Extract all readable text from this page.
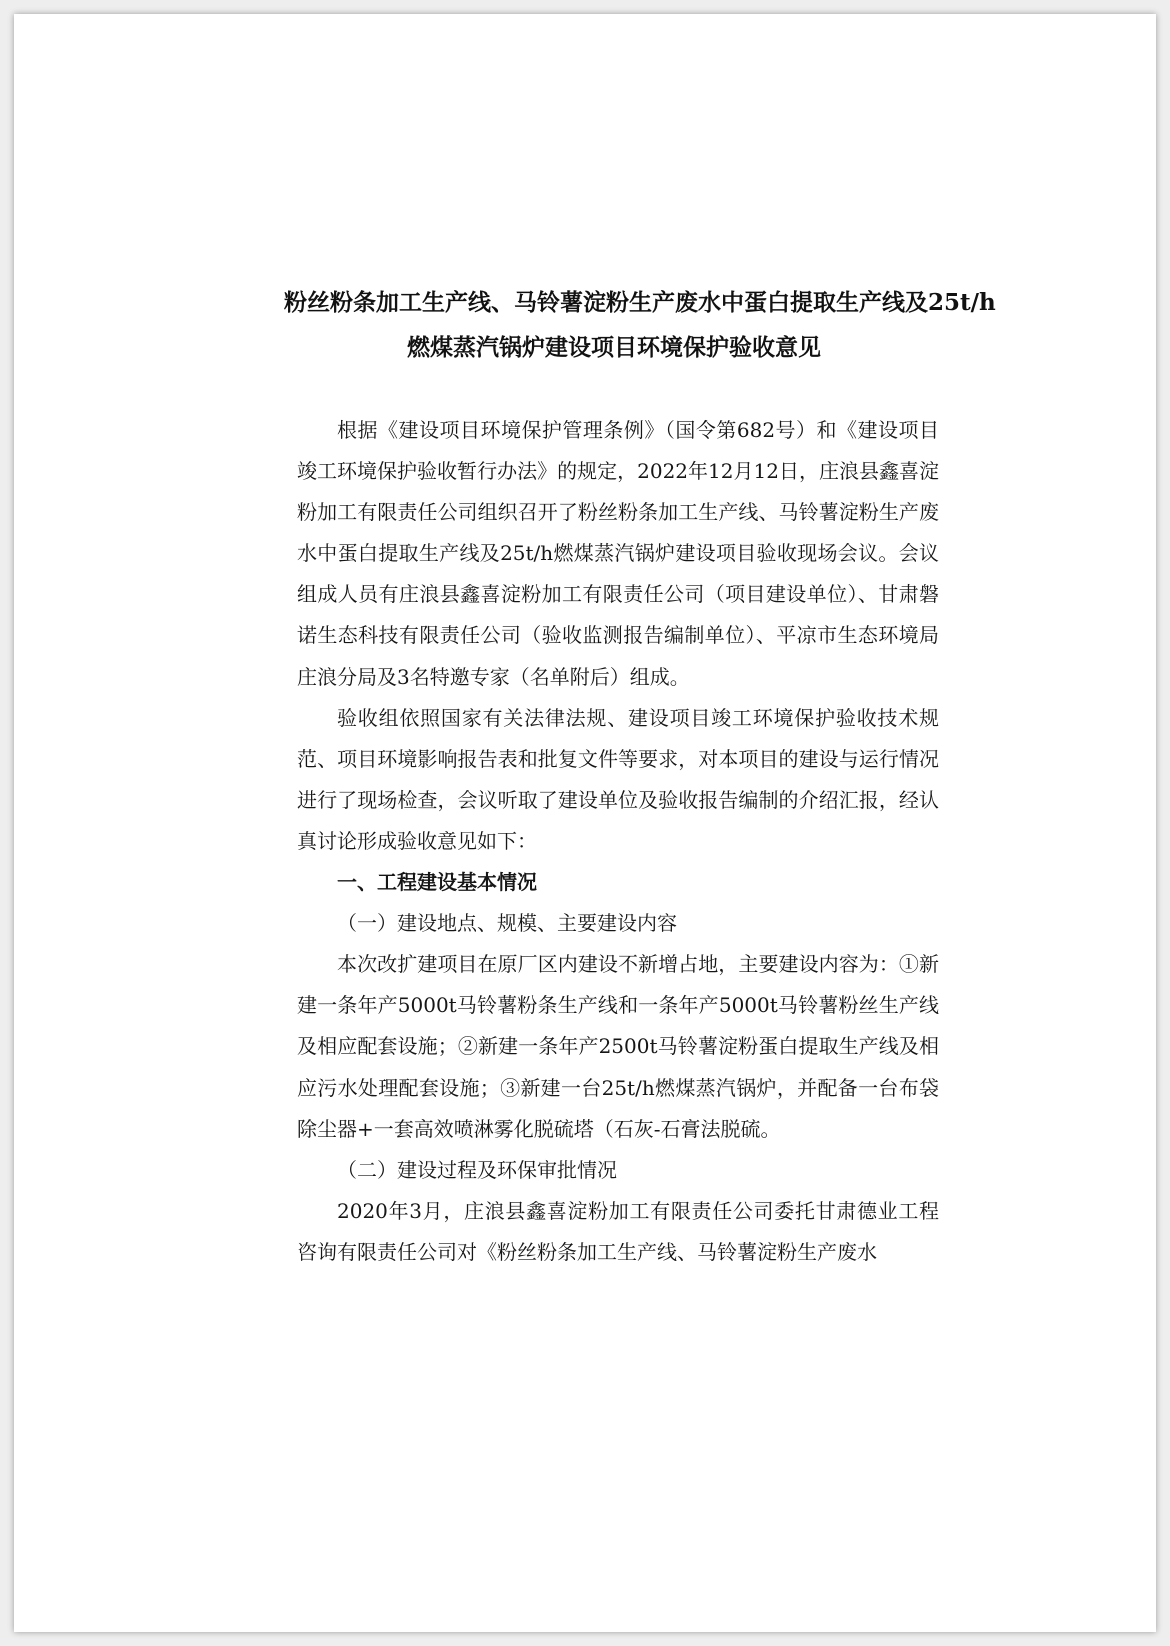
粉丝粉条加工生产线、马铃薯淀粉生产废水中蛋白提取生产线及25t/h
燃煤蒸汽锅炉建设项目环境保护验收意见

根据《建设项目环境保护管理条例》（国令第682号）和《建设项目竣工环境保护验收暂行办法》的规定，2022年12月12日，庄浪县鑫喜淀粉加工有限责任公司组织召开了粉丝粉条加工生产线、马铃薯淀粉生产废水中蛋白提取生产线及25t/h燃煤蒸汽锅炉建设项目验收现场会议。会议组成人员有庄浪县鑫喜淀粉加工有限责任公司（项目建设单位）、甘肃磐诺生态科技有限责任公司（验收监测报告编制单位）、平凉市生态环境局庄浪分局及3名特邀专家（名单附后）组成。

验收组依照国家有关法律法规、建设项目竣工环境保护验收技术规范、项目环境影响报告表和批复文件等要求，对本项目的建设与运行情况进行了现场检查，会议听取了建设单位及验收报告编制的介绍汇报，经认真讨论形成验收意见如下：

一、工程建设基本情况

（一）建设地点、规模、主要建设内容

本次改扩建项目在原厂区内建设不新增占地，主要建设内容为：①新建一条年产5000t马铃薯粉条生产线和一条年产5000t马铃薯粉丝生产线及相应配套设施；②新建一条年产2500t马铃薯淀粉蛋白提取生产线及相应污水处理配套设施；③新建一台25t/h燃煤蒸汽锅炉，并配备一台布袋除尘器+一套高效喷淋雾化脱硫塔（石灰-石膏法脱硫。

（二）建设过程及环保审批情况

2020年3月，庄浪县鑫喜淀粉加工有限责任公司委托甘肃德业工程咨询有限责任公司对《粉丝粉条加工生产线、马铃薯淀粉生产废水
